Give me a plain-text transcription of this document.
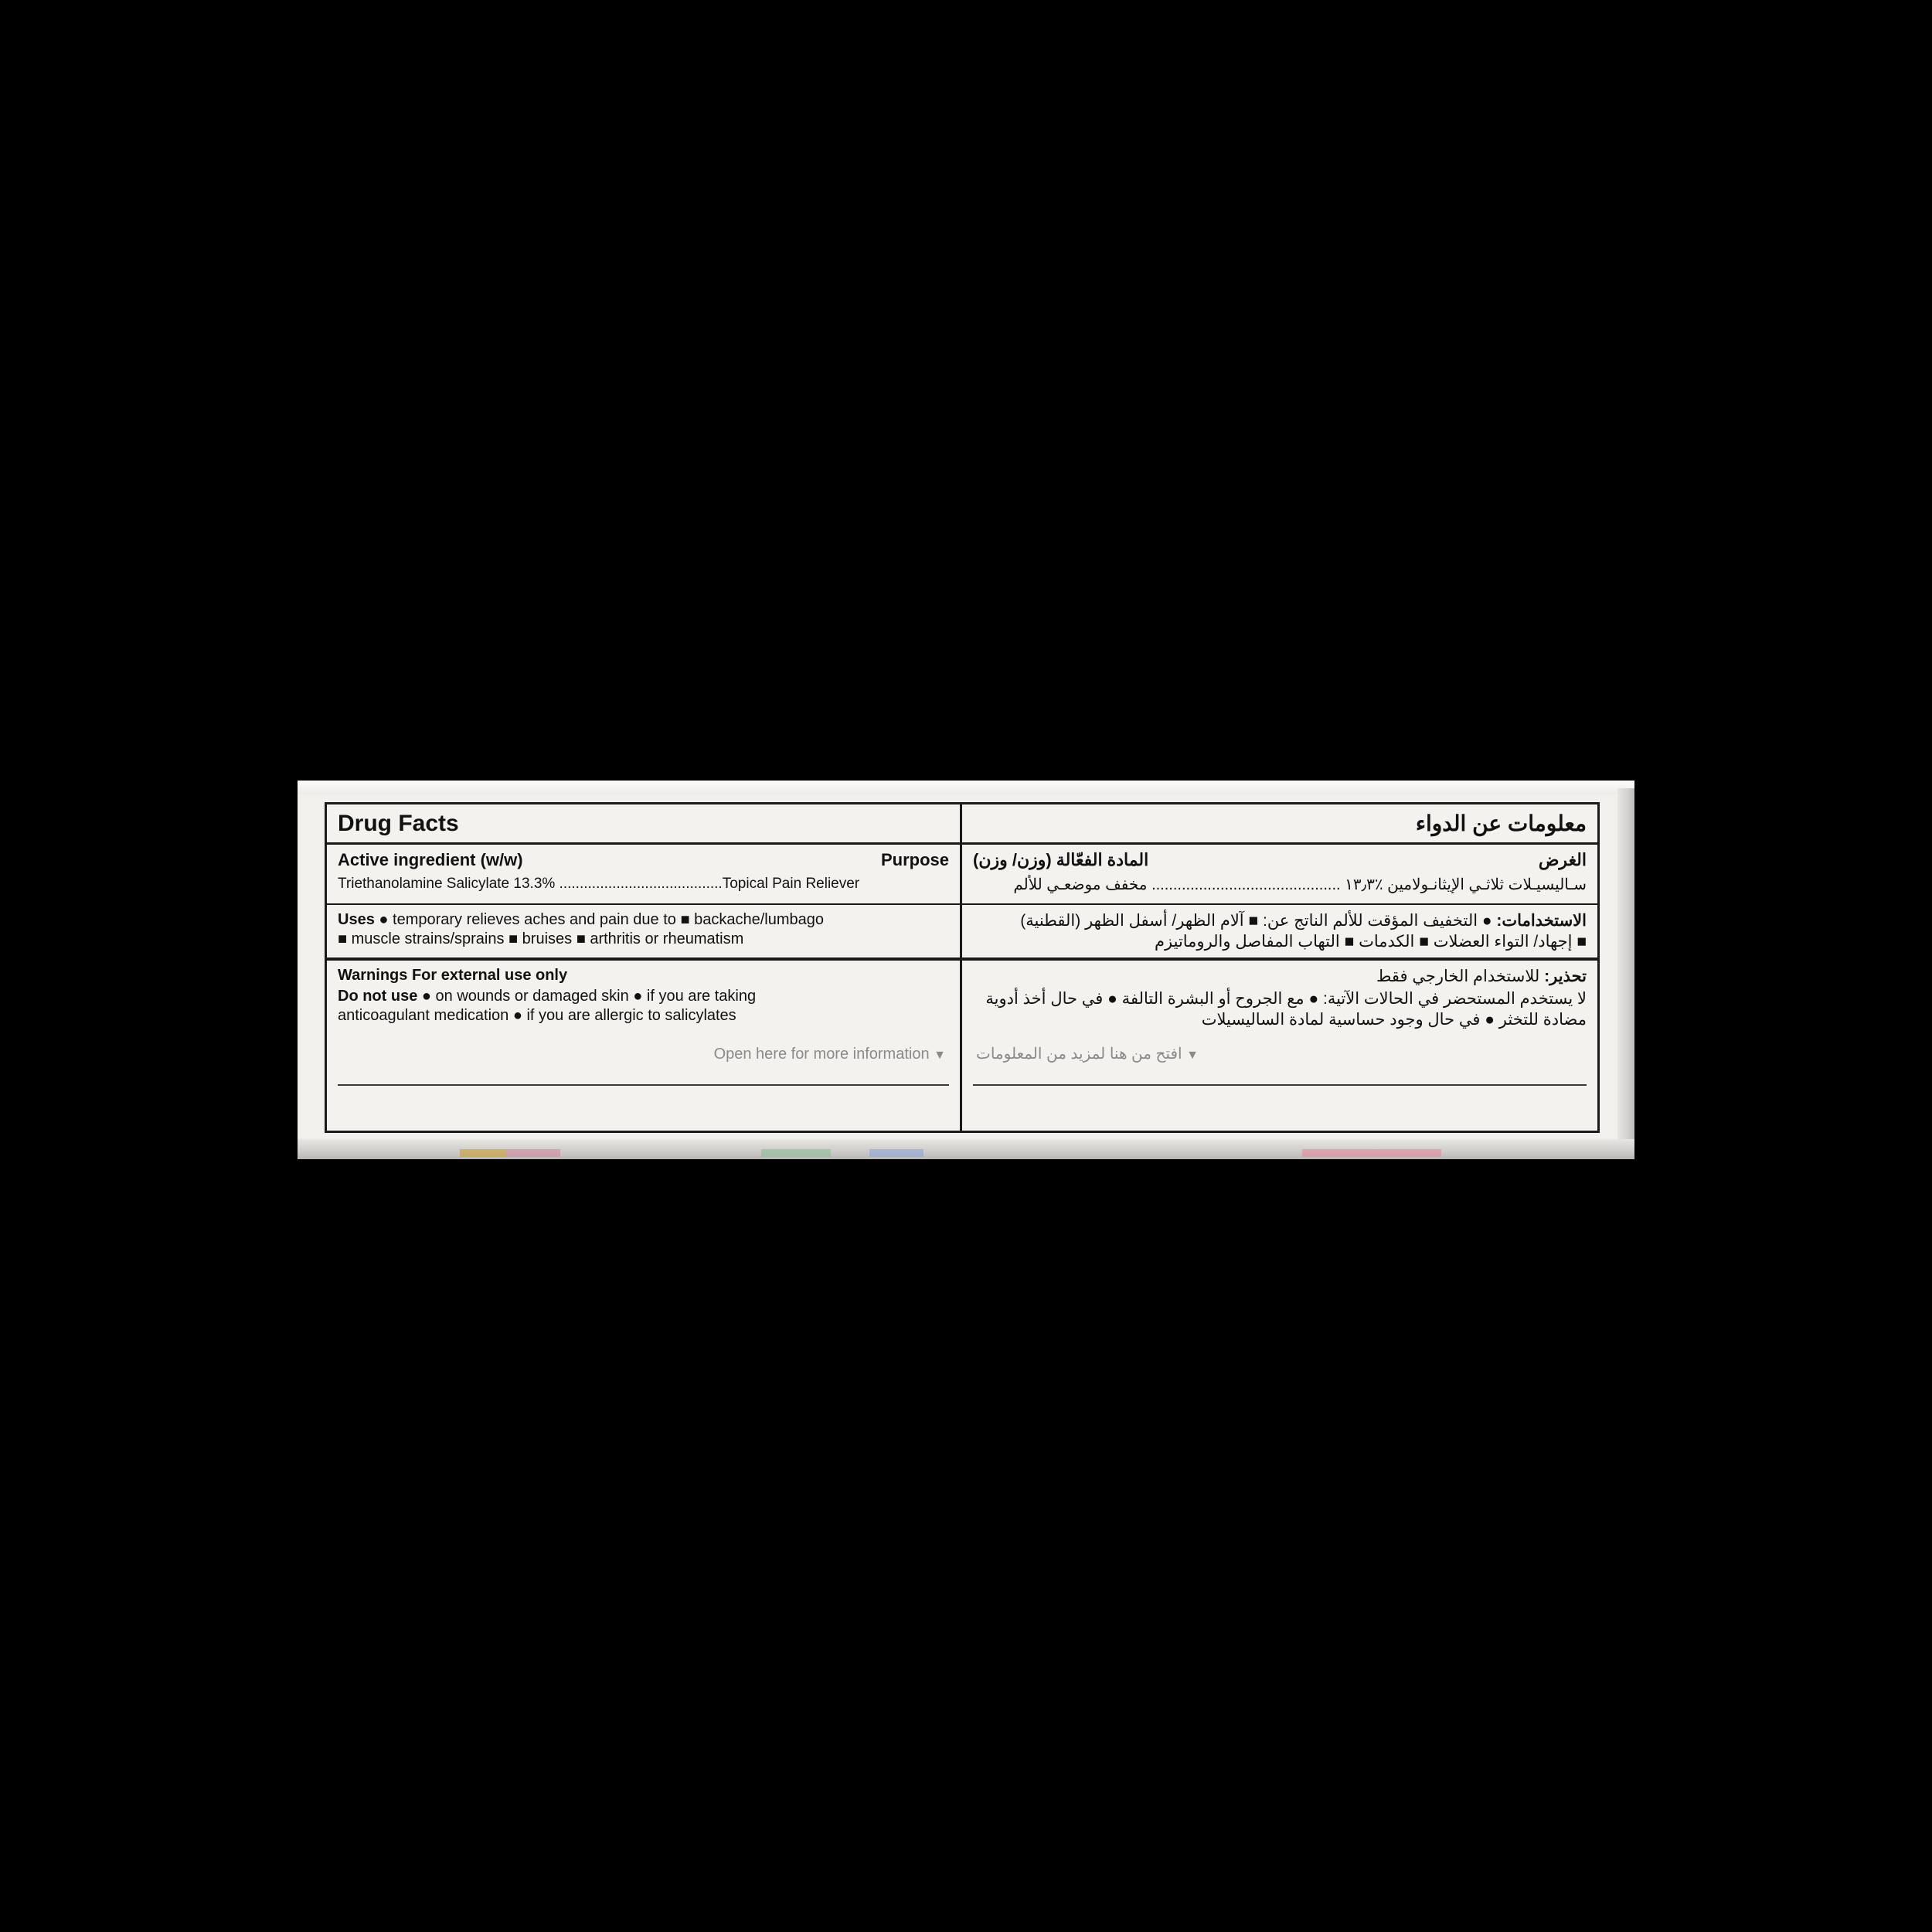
Drug Facts
Active ingredient (w/w)	Purpose
Triethanolamine Salicylate 13.3% ........................................Topical Pain Reliever
Uses ● temporary relieves aches and pain due to ■ backache/lumbago
■ muscle strains/sprains ■ bruises ■ arthritis or rheumatism
Warnings For external use only
Do not use ● on wounds or damaged skin ● if you are taking
anticoagulant medication ● if you are allergic to salicylates
Open here for more information ▼
معلومات عن الدواء
المادة الفعّالة (وزن/ وزن)	الغرض
سـاليسيـلات ثلاثـي الإيثانـولامين ٪١٣٫٣ ............................................ مخفف موضعـي للألم
الاستخدامات: ● التخفيف المؤقت للألم الناتج عن: ■ آلام الظهر/ أسفل الظهر (القطنية)
■ إجهاد/ التواء العضلات ■ الكدمات ■ التهاب المفاصل والروماتيزم
تحذير: للاستخدام الخارجي فقط
لا يستخدم المستحضر في الحالات الآتية: ● مع الجروح أو البشرة التالفة ● في حال أخذ أدوية
مضادة للتخثر ● في حال وجود حساسية لمادة الساليسيلات
▼ افتح من هنا لمزيد من المعلومات
